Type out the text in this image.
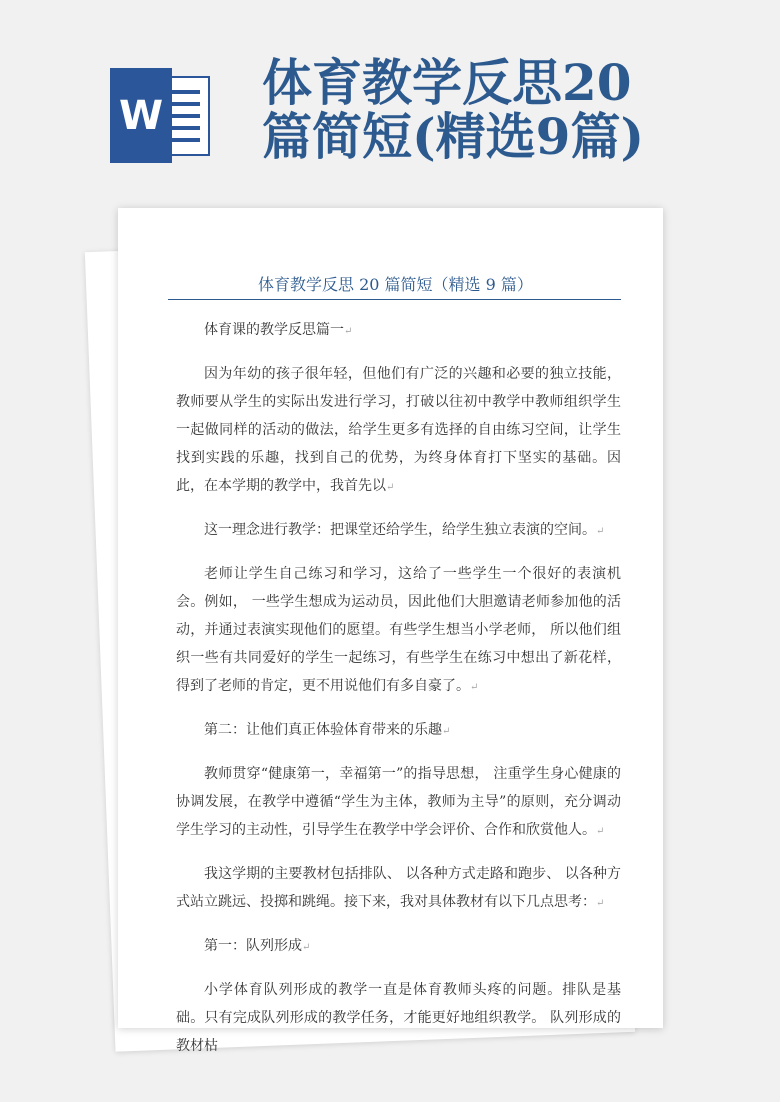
W
体育教学反思20
篇简短(精选9篇)
体育教学反思 20 篇简短（精选 9 篇）

体育课的教学反思篇一↵

因为年幼的孩子很年轻，但他们有广泛的兴趣和必要的独立技能，教师要从学生的实际出发进行学习，打破以往初中教学中教师组织学生一起做同样的活动的做法，给学生更多有选择的自由练习空间，让学生找到实践的乐趣，找到自己的优势，为终身体育打下坚实的基础。因此，在本学期的教学中，我首先以↵

这一理念进行教学：把课堂还给学生，给学生独立表演的空间。↵

老师让学生自己练习和学习，这给了一些学生一个很好的表演机会。例如， 一些学生想成为运动员，因此他们大胆邀请老师参加他的活动，并通过表演实现他们的愿望。有些学生想当小学老师， 所以他们组织一些有共同爱好的学生一起练习，有些学生在练习中想出了新花样， 得到了老师的肯定，更不用说他们有多自豪了。↵

第二：让他们真正体验体育带来的乐趣↵

教师贯穿“健康第一，幸福第一”的指导思想， 注重学生身心健康的协调发展，在教学中遵循“学生为主体，教师为主导”的原则，充分调动学生学习的主动性，引导学生在教学中学会评价、合作和欣赏他人。↵

我这学期的主要教材包括排队、 以各种方式走路和跑步、 以各种方式站立跳远、投掷和跳绳。接下来，我对具体教材有以下几点思考：↵

第一：队列形成↵

小学体育队列形成的教学一直是体育教师头疼的问题。排队是基础。只有完成队列形成的教学任务，才能更好地组织教学。 队列形成的教材枯
